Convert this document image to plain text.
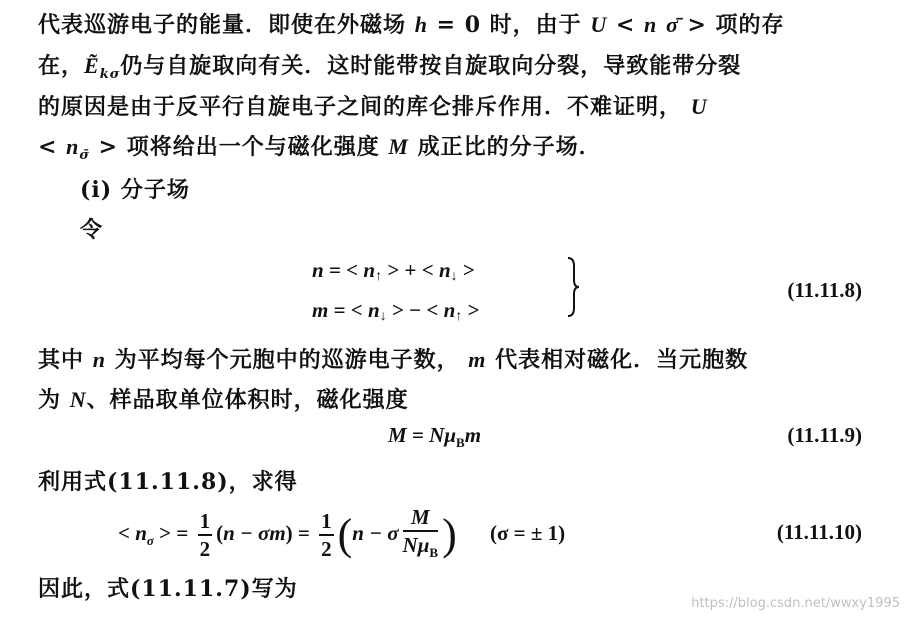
代表巡游电子的能量．即使在外磁场 h = 0 时，由于 U < n σ̄ > 项的存
在，Ẽ$_{k\sigma}$仍与自旋取向有关．这时能带按自旋取向分裂，导致能带分裂
的原因是由于反平行自旋电子之间的库仑排斥作用．不难证明， U
< $n_{\sigmā}$ > 项将给出一个与磁化强度 M 成正比的分子场．
(i) 分子场
令
n = < n↑ > + < n↓ >
m = < n↓ > − < n↑ >
(11.11.8)
其中 n 为平均每个元胞中的巡游电子数， m 代表相对磁化．当元胞数
为 N、样品取单位体积时，磁化强度
$M = N\mu_Bm$	(11.11.9)
利用式(11.11.8)，求得
< $n_\sigma$ > = $\frac{1}{2} (n - \sigma m) = \frac{1}{2} (n - \sigma \frac{M}{N\mu_B}$ ) (σ = ± 1)	(11.11.10)
因此，式(11.11.7)写为
https://blog.csdn.net/wwxy1995
